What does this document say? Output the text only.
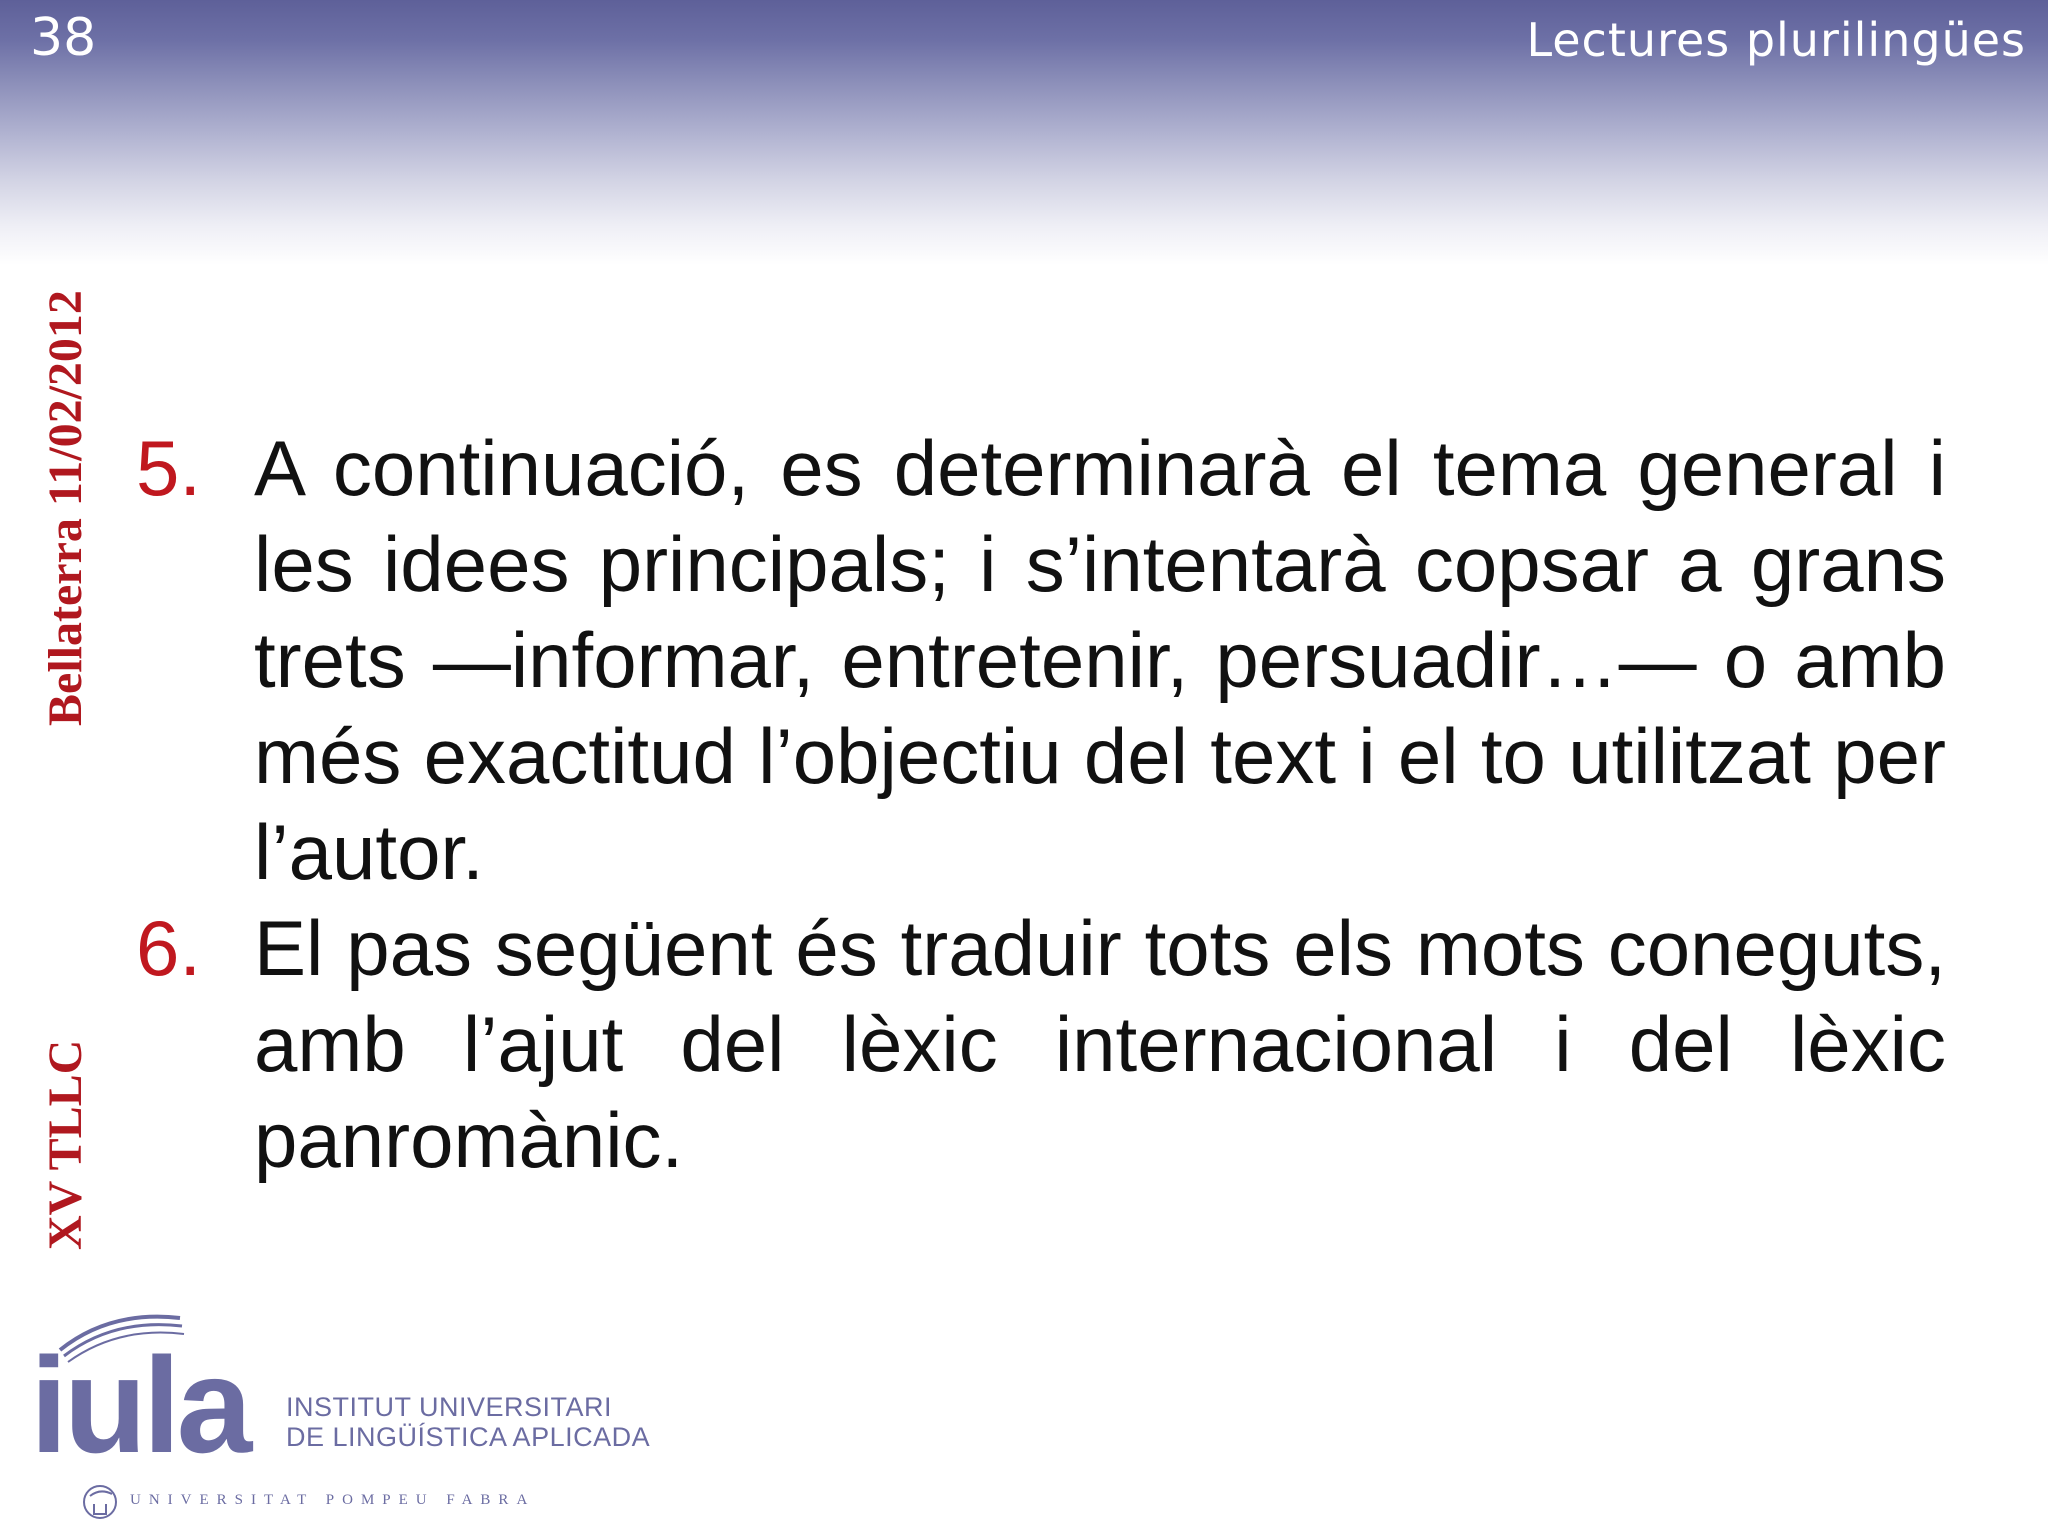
38	Lectures plurilingües
Bellaterra 11/02/2012
XV TLLC
5. A continuació, es determinarà el tema general i les idees principals; i s’intentarà copsar a grans trets —informar, entretenir, persuadir…— o amb més exactitud l’objectiu del text i el to utilitzat per l’autor.
6. El pas següent és traduir tots els mots coneguts, amb l’ajut del lèxic internacional i del lèxic panromànic.
iula INSTITUT UNIVERSITARI
DE LINGÜÍSTICA APLICADA
UNIVERSITAT POMPEU FABRA
